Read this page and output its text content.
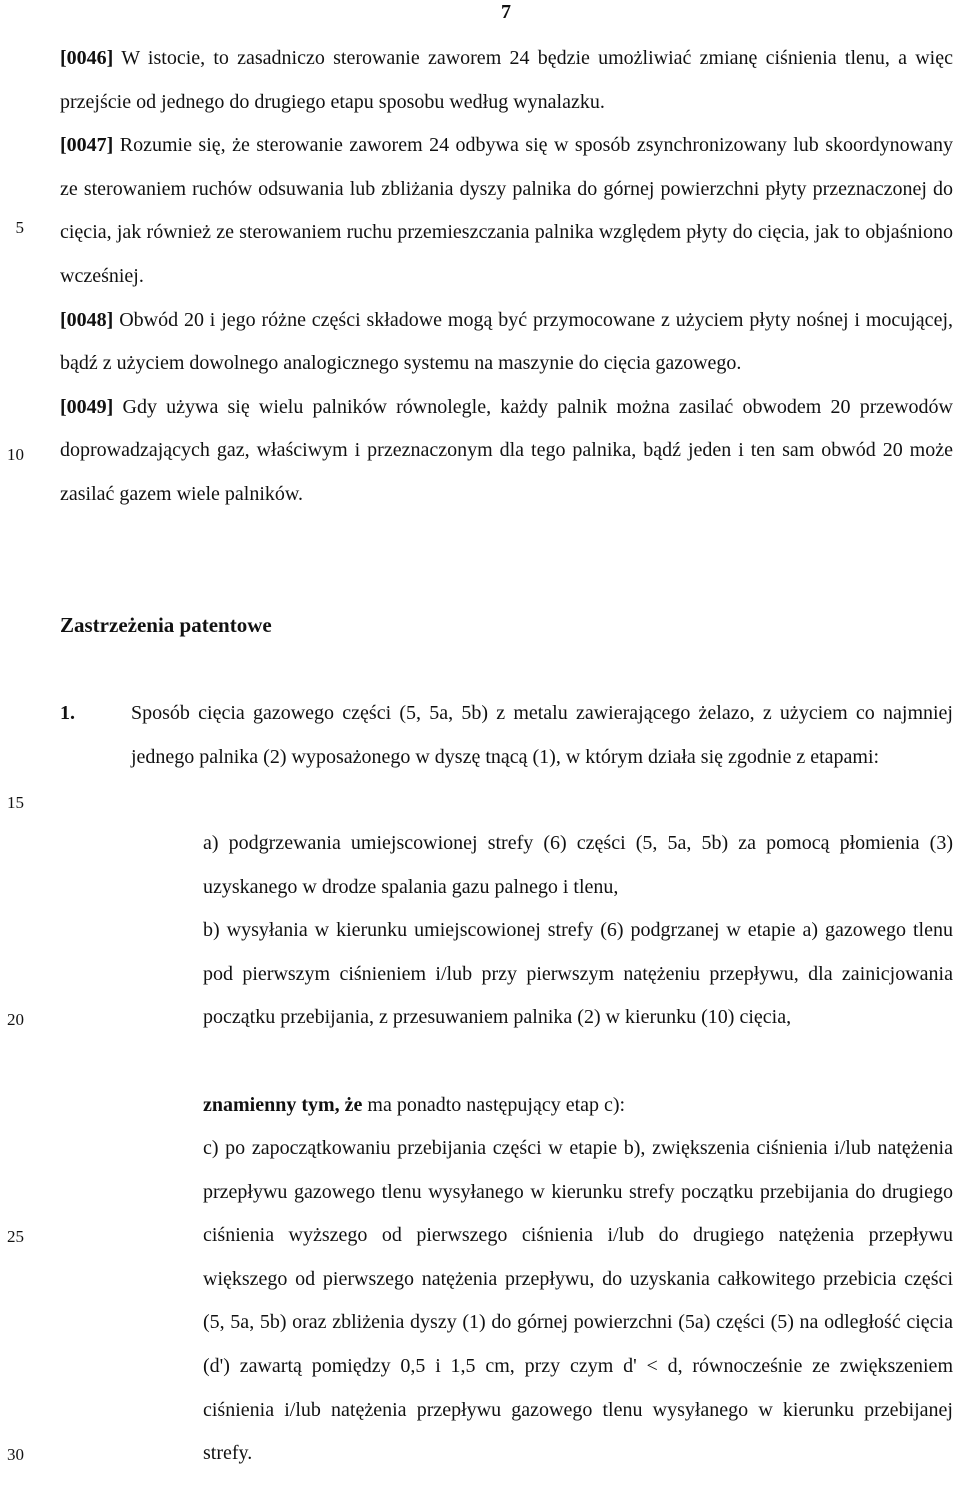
7
5
10
15
20
25
30
[0046] W istocie, to zasadniczo sterowanie zaworem 24 będzie umożliwiać zmianę ciśnienia tlenu, a więc przejście od jednego do drugiego etapu sposobu według wynalazku.
[0047] Rozumie się, że sterowanie zaworem 24 odbywa się w sposób zsynchronizowany lub skoordynowany ze sterowaniem ruchów odsuwania lub zbliżania dyszy palnika do górnej powierzchni płyty przeznaczonej do cięcia, jak również ze sterowaniem ruchu przemieszczania palnika względem płyty do cięcia, jak to objaśniono wcześniej.
[0048] Obwód 20 i jego różne części składowe mogą być przymocowane z użyciem płyty nośnej i mocującej, bądź z użyciem dowolnego analogicznego systemu na maszynie do cięcia gazowego.
[0049] Gdy używa się wielu palników równolegle, każdy palnik można zasilać obwodem 20 przewodów doprowadzających gaz, właściwym i przeznaczonym dla tego palnika, bądź jeden i ten sam obwód 20 może zasilać gazem wiele palników.
Zastrzeżenia patentowe
1.	Sposób cięcia gazowego części (5, 5a, 5b) z metalu zawierającego żelazo, z użyciem co najmniej jednego palnika (2) wyposażonego w dyszę tnącą (1), w którym działa się zgodnie z etapami:

a) podgrzewania umiejscowionej strefy (6) części (5, 5a, 5b) za pomocą płomienia (3) uzyskanego w drodze spalania gazu palnego i tlenu,

b) wysyłania w kierunku umiejscowionej strefy (6) podgrzanej w etapie a) gazowego tlenu pod pierwszym ciśnieniem i/lub przy pierwszym natężeniu przepływu, dla zainicjowania początku przebijania, z przesuwaniem palnika (2) w kierunku (10) cięcia,

znamienny tym, że ma ponadto następujący etap c):

c) po zapoczątkowaniu przebijania części w etapie b), zwiększenia ciśnienia i/lub natężenia przepływu gazowego tlenu wysyłanego w kierunku strefy początku przebijania do drugiego ciśnienia wyższego od pierwszego ciśnienia i/lub do drugiego natężenia przepływu większego od pierwszego natężenia przepływu, do uzyskania całkowitego przebicia części (5, 5a, 5b) oraz zbliżenia dyszy (1) do górnej powierzchni (5a) części (5) na odległość cięcia (d') zawartą pomiędzy 0,5 i 1,5 cm, przy czym d' < d, równocześnie ze zwiększeniem ciśnienia i/lub natężenia przepływu gazowego tlenu wysyłanego w kierunku przebijanej strefy.
